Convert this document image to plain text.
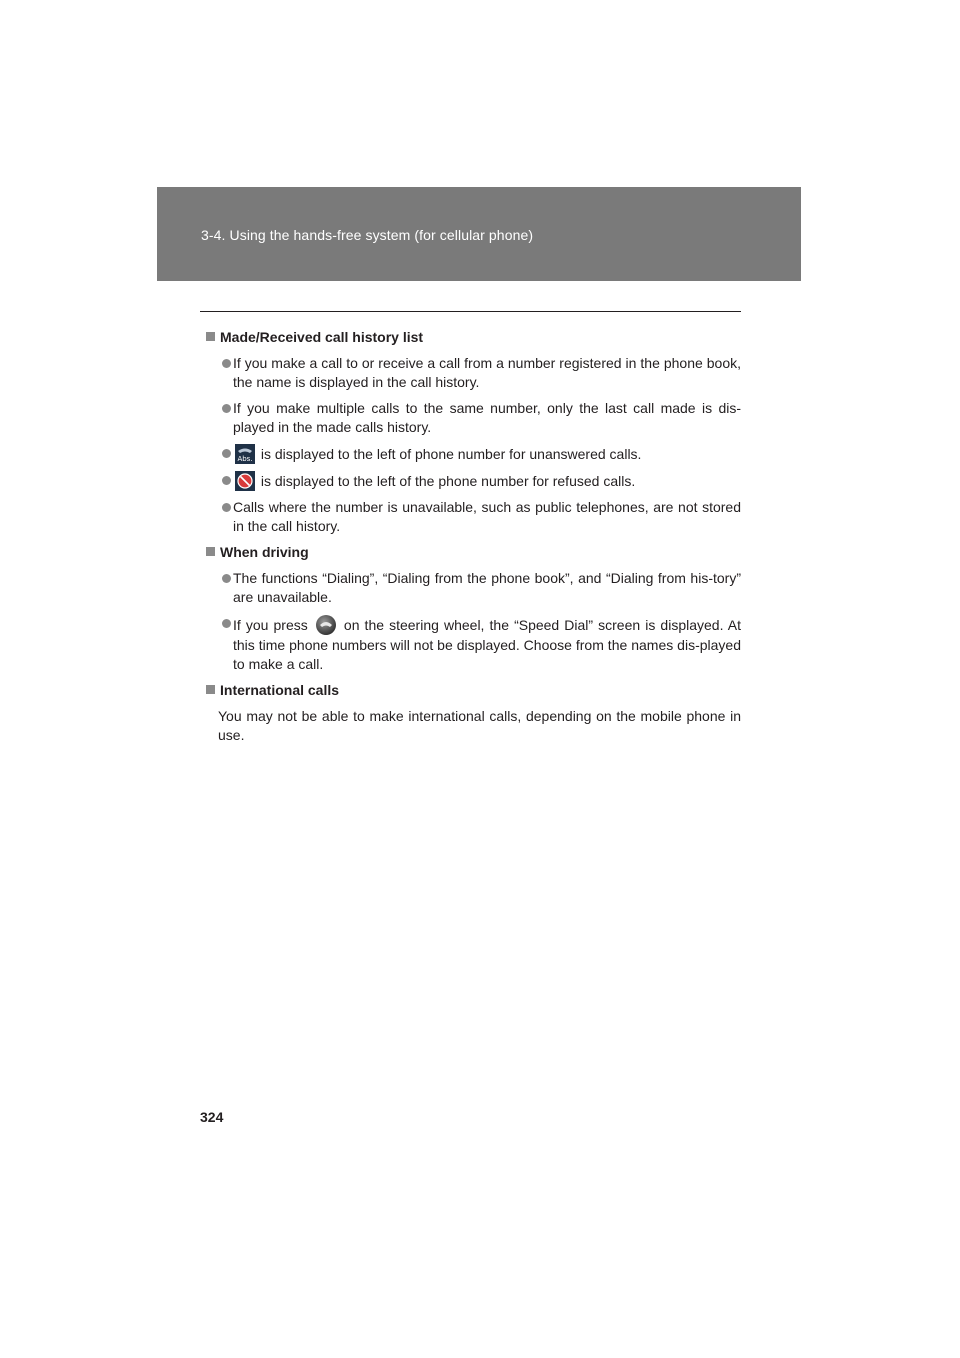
3-4. Using the hands-free system (for cellular phone)
Made/Received call history list
If you make a call to or receive a call from a number registered in the phone book, the name is displayed in the call history.
If you make multiple calls to the same number, only the last call made is dis-played in the made calls history.
Abs. is displayed to the left of phone number for unanswered calls.
is displayed to the left of the phone number for refused calls.
Calls where the number is unavailable, such as public telephones, are not stored in the call history.
When driving
The functions “Dialing”, “Dialing from the phone book”, and “Dialing from his-tory” are unavailable.
If you press	on the steering wheel, the “Speed Dial” screen is displayed. At this time phone numbers will not be displayed. Choose from the names dis-played to make a call.
International calls
You may not be able to make international calls, depending on the mobile phone in use.
324
